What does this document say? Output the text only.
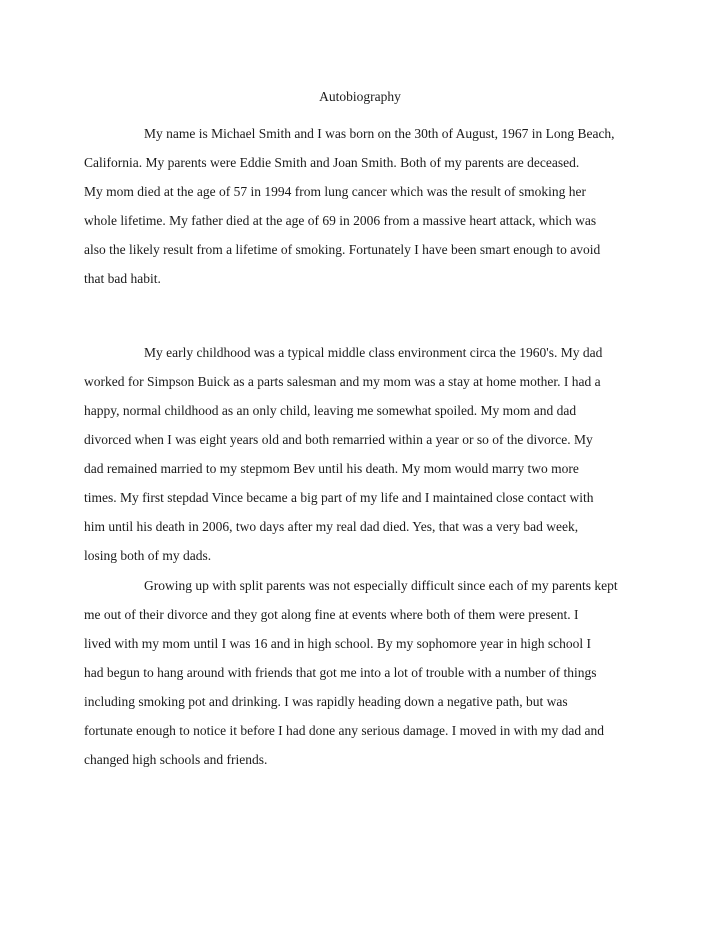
Autobiography
My name is Michael Smith and I was born on the 30th of August, 1967 in Long Beach,
California. My parents were Eddie Smith and Joan Smith. Both of my parents are deceased.
My mom died at the age of 57 in 1994 from lung cancer which was the result of smoking her
whole lifetime. My father died at the age of 69 in 2006 from a massive heart attack, which was
also the likely result from a lifetime of smoking. Fortunately I have been smart enough to avoid
that bad habit.
My early childhood was a typical middle class environment circa the 1960's. My dad
worked for Simpson Buick as a parts salesman and my mom was a stay at home mother. I had a
happy, normal childhood as an only child, leaving me somewhat spoiled. My mom and dad
divorced when I was eight years old and both remarried within a year or so of the divorce. My
dad remained married to my stepmom Bev until his death. My mom would marry two more
times. My first stepdad Vince became a big part of my life and I maintained close contact with
him until his death in 2006, two days after my real dad died. Yes, that was a very bad week,
losing both of my dads.
Growing up with split parents was not especially difficult since each of my parents kept
me out of their divorce and they got along fine at events where both of them were present. I
lived with my mom until I was 16 and in high school. By my sophomore year in high school I
had begun to hang around with friends that got me into a lot of trouble with a number of things
including smoking pot and drinking. I was rapidly heading down a negative path, but was
fortunate enough to notice it before I had done any serious damage. I moved in with my dad and
changed high schools and friends.
